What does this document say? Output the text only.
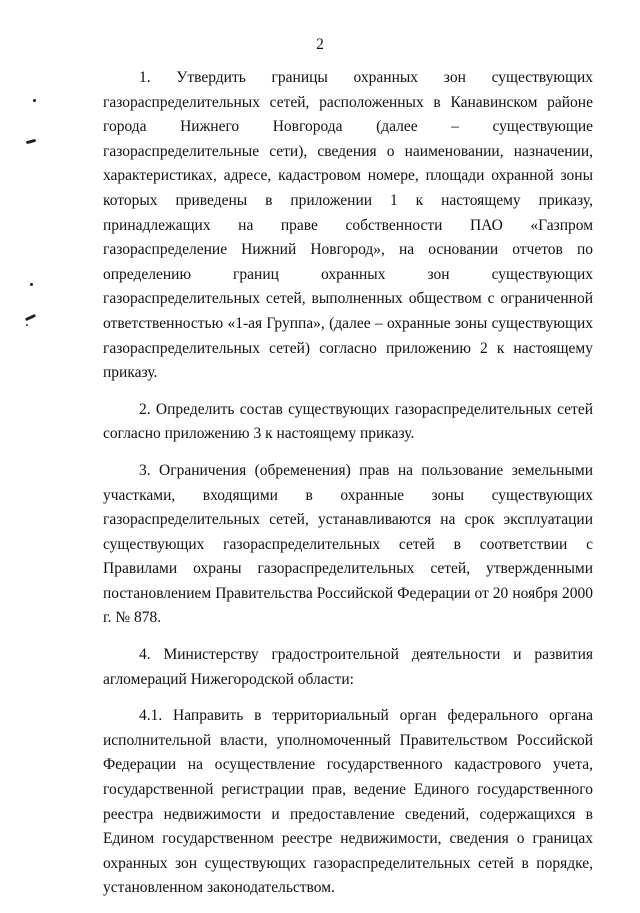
2

1. Утвердить границы охранных зон существующих газораспределительных сетей, расположенных в Канавинском районе города Нижнего Новгорода (далее – существующие газораспределительные сети), сведения о наименовании, назначении, характеристиках, адресе, кадастровом номере, площади охранной зоны которых приведены в приложении 1 к настоящему приказу, принадлежащих на праве собственности ПАО «Газпром газораспределение Нижний Новгород», на основании отчетов по определению границ охранных зон существующих газораспределительных сетей, выполненных обществом с ограниченной ответственностью «1-ая Группа», (далее – охранные зоны существующих газораспределительных сетей) согласно приложению 2 к настоящему приказу.

2. Определить состав существующих газораспределительных сетей согласно приложению 3 к настоящему приказу.

3. Ограничения (обременения) прав на пользование земельными участками, входящими в охранные зоны существующих газораспределительных сетей, устанавливаются на срок эксплуатации существующих газораспределительных сетей в соответствии с Правилами охраны газораспределительных сетей, утвержденными постановлением Правительства Российской Федерации от 20 ноября 2000 г. № 878.

4. Министерству градостроительной деятельности и развития агломераций Нижегородской области:

4.1. Направить в территориальный орган федерального органа исполнительной власти, уполномоченный Правительством Российской Федерации на осуществление государственного кадастрового учета, государственной регистрации прав, ведение Единого государственного реестра недвижимости и предоставление сведений, содержащихся в Едином государственном реестре недвижимости, сведения о границах охранных зон существующих газораспределительных сетей в порядке, установленном законодательством.
